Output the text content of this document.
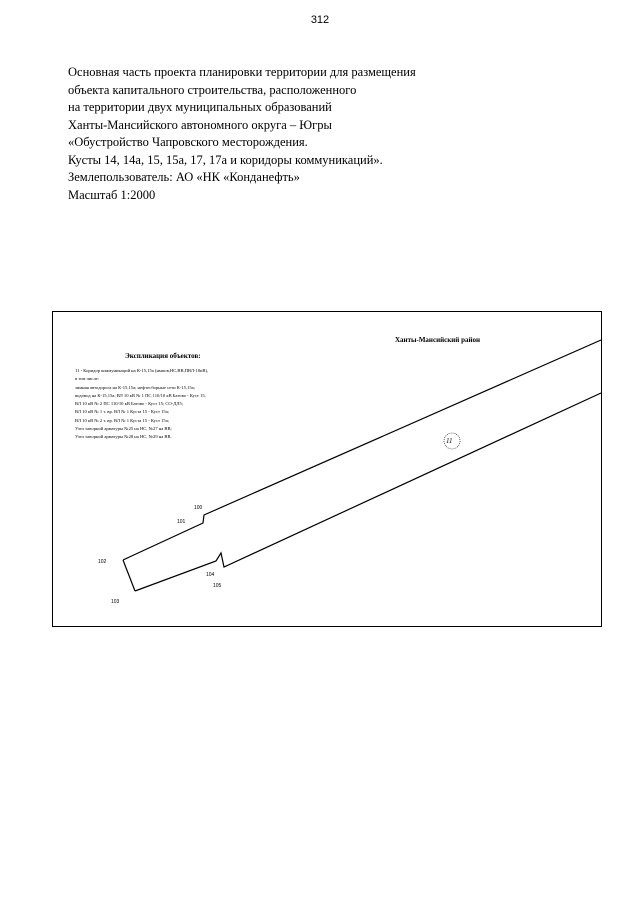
312
Основная часть проекта планировки территории для размещения
объекта капитального строительства, расположенного
на территории двух муниципальных образований
Ханты-Мансийского автономного округа – Югры
«Обустройство Чапровского месторождения.
Кусты 14, 14а, 15, 15а, 17, 17а и коридоры коммуникаций».
Землепользователь: АО «НК «Конданефть»
Масштаб 1:2000
Ханты-Мансийский район
Экспликация объектов:
11 - Коридор коммуникаций на К-15,15а (нмпов,НС,ВВ,ПВЛ-10кВ),
в том числе:
зимняя автодорога на К-15,15а; нефтесборные сети К-15,15а;
водовод на К-15,15а; ВЛ 10 кВ № 1 ПС 110/10 кВ Батово - Куст 15,
ВЛ 10 кВ № 2 ПС 110/10 кВ Батово - Куст 15; СО-ДЛ5;
ВЛ 10 кВ № 1 т. вр. ВЛ № 1 Куста 15 - Куст 15а;
ВЛ 10 кВ № 2 т. вр. ВЛ № 1 Куста 15 - Куст 15а;
Узел запорной арматуры №25 на НС, №27 на ВВ;
Узел запорной арматуры №28 на НС, №29 на ВВ.
100
101
102
103
104
105
11
